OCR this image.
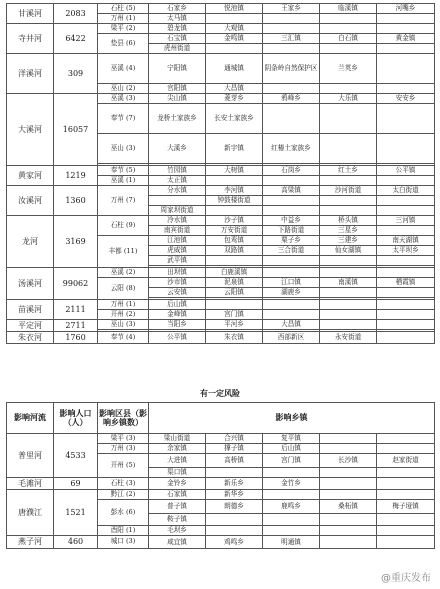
甘溪河	2083	石柱 (5)	石家乡	悦池镇	王家乡	临溪镇	河嘴乡
		万州 (1)	太马镇				
寺井河	6422	梁平 (2)	碧龙镇	大观镇			
		垫县 (6)	石宝镇	金鸣镇	三汇镇	白石镇	黄金镇
			虎州街道				
洋溪河	309	巫溪 (4)	宁阳镇	通城镇	阴条岭自然保护区	兰英乡	
		巫山 (2)	官阳镇	大昌镇			
大溪河	16057	巫溪 (3)	尖山镇	菱芽乡	鸦峰乡	大乐镇	安安乡
		奉节 (7)	龙桥土家族乡	长安土家族乡			
		巫山 (3)	大溪乡	新宇镇	红椿土家族乡		

黄家河	1219	奉节 (5)	竹园镇	大树镇	石岗乡	红土乡	公平镇
		巫溪 (1)	太正镇				
汝溪河	1360	万州 (7)	分水镇	李河镇	高梁镇	沙河街道	太白街道
				钟鼓楼街道			
			周家坝街道				
龙河	3169	石柱 (9)	冷水镇	沙子镇	中益乡	桥头镇	三河镇
			南宾街道	万安街道	下路街道	三星乡	
		丰都 (11)	江池镇	包鸾镇	栗子乡	三建乡	南天湖镇
			虎威镇	双路镇	三合街道	仙女湖镇	太平坝乡
			武平镇				

汤溪河	99062	巫溪 (2)	田坝镇	白鹿溪镇			
		云阳 (8)	沙市镇	泥泉镇	江口镇	南溪镇	栖霞镇
			云安镇	云阳镇	湖鹿乡		

苗溪河	2111	万州 (1)	后山镇				
		开州 (2)	金峰镇	宫门镇			
平定河	2711	巫山 (3)	当阳乡	平河乡	大昌镇		

朱衣河	1760	奉节 (4)	公平镇	朱衣镇	西部新区	永安街道	
有一定风险
影响河流	影响人口（人）	影响区县（影响乡镇数）	影响乡镇				
普里河	4533	梁平 (3)	梁山街道	合兴镇	复平镇		
		万州 (3)	余家镇	撑子镇	后山镇		
		开州 (5)	大进镇	高桥镇	宫门镇	长沙镇	赵家街道
			渠口镇				
毛滩河	69	石柱 (3)	金铃乡	新乐乡	金竹乡		
唐濮江	1521	黔江 (2)	石家镇	新华乡			
		彭水 (6)	普子镇	朗德乡	鹿鸣乡	桑柘镇	梅子垭镇
			鞍子镇				
		酉阳 (1)	毛坝乡				
燕子河	460	城口 (3)	咸宜镇	鸡鸣乡	明通镇		
@重庆发布
